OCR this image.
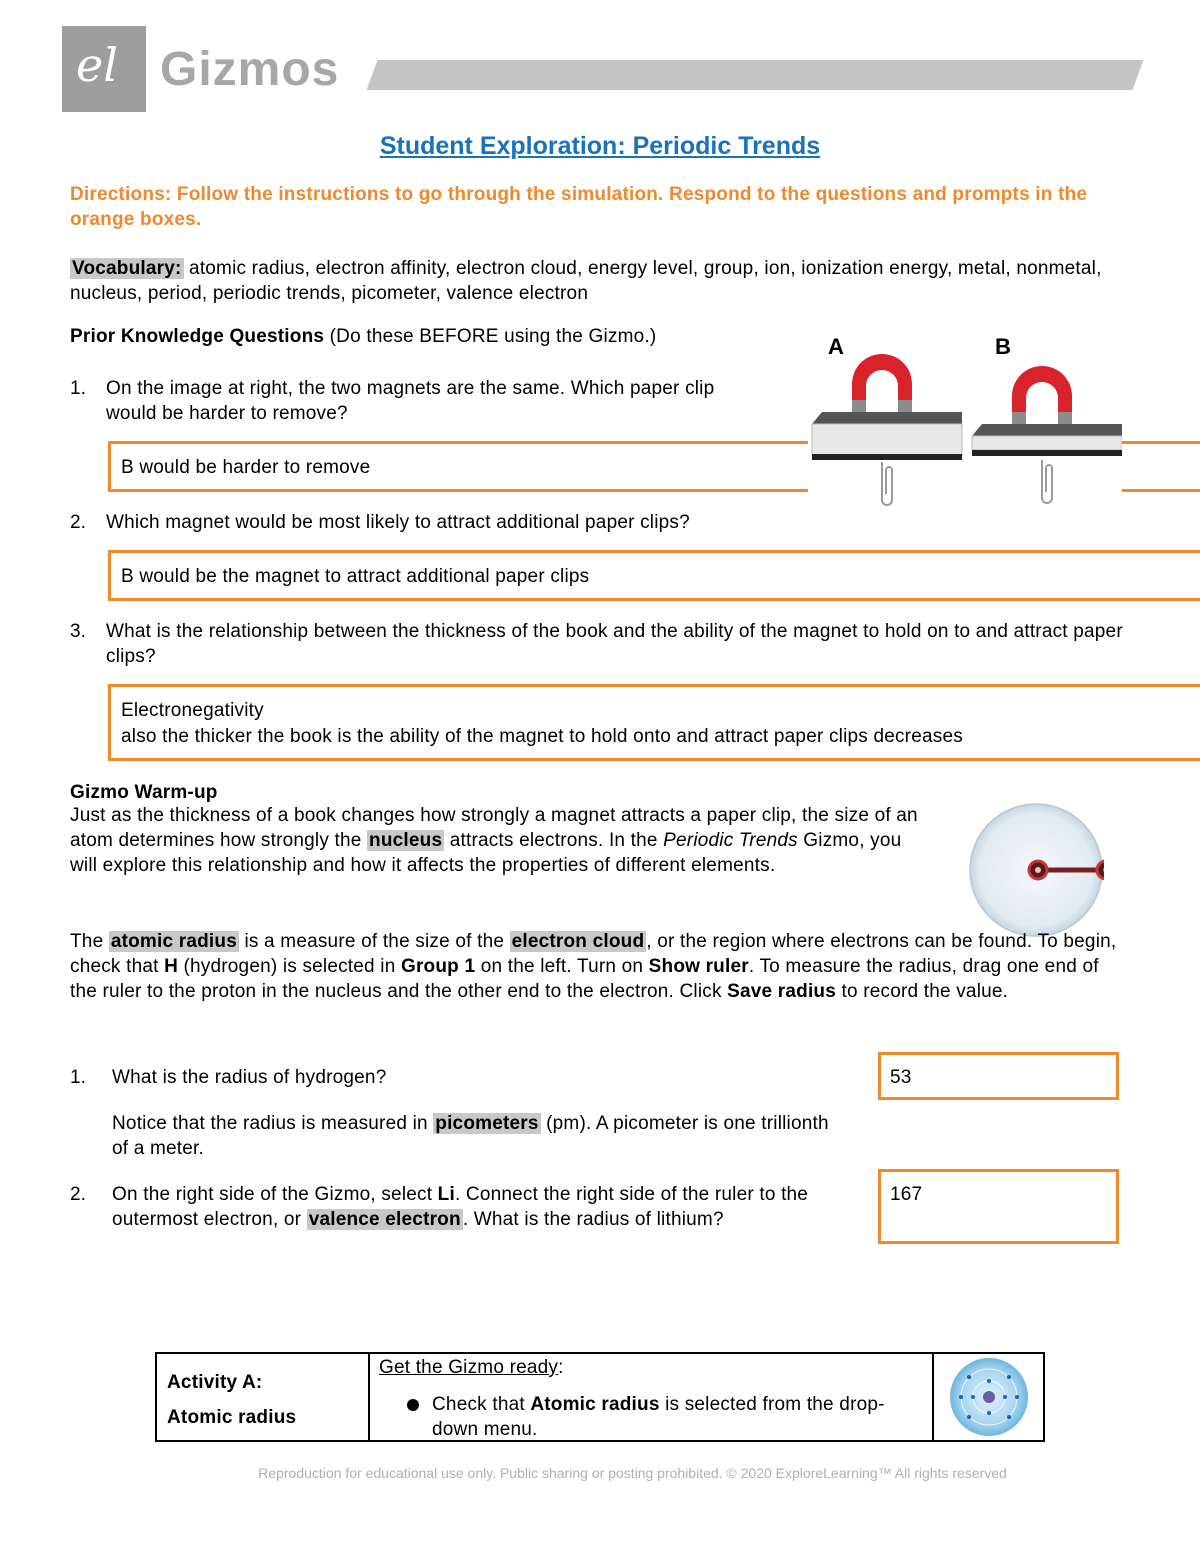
el Gizmos
Student Exploration: Periodic Trends
Directions: Follow the instructions to go through the simulation. Respond to the questions and prompts in the orange boxes.
Vocabulary: atomic radius, electron affinity, electron cloud, energy level, group, ion, ionization energy, metal, nonmetal, nucleus, period, periodic trends, picometer, valence electron
Prior Knowledge Questions (Do these BEFORE using the Gizmo.)
1. On the image at right, the two magnets are the same. Which paper clip would be harder to remove?
B would be harder to remove
A	B
2. Which magnet would be most likely to attract additional paper clips?
B would be the magnet to attract additional paper clips
3. What is the relationship between the thickness of the book and the ability of the magnet to hold on to and attract paper clips?
Electronegativity
also the thicker the book is the ability of the magnet to hold onto and attract paper clips decreases
Gizmo Warm-up
Just as the thickness of a book changes how strongly a magnet attracts a paper clip, the size of an atom determines how strongly the nucleus attracts electrons. In the Periodic Trends Gizmo, you will explore this relationship and how it affects the properties of different elements.
The atomic radius is a measure of the size of the electron cloud , or the region where electrons can be found. To begin, check that H (hydrogen) is selected in Group 1 on the left. Turn on Show ruler. To measure the radius, drag one end of the ruler to the proton in the nucleus and the other end to the electron. Click Save radius to record the value.
1. What is the radius of hydrogen?	53
Notice that the radius is measured in picometers (pm). A picometer is one trillionth of a meter.
2. On the right side of the Gizmo, select Li. Connect the right side of the ruler to the outermost electron, or valence electron . What is the radius of lithium?
167
Activity A:
Atomic radius
Get the Gizmo ready:
Check that Atomic radius is selected from the drop-down menu.
Reproduction for educational use only. Public sharing or posting prohibited. © 2020 ExploreLearning™ All rights reserved
